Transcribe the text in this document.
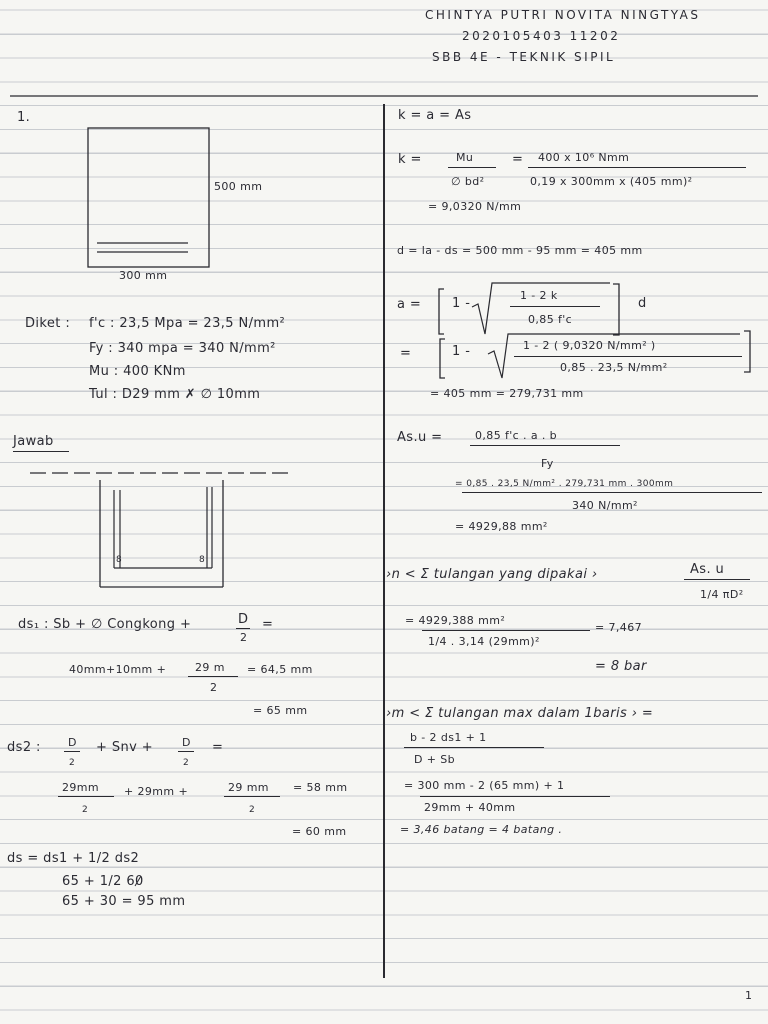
CHINTYA PUTRI NOVITA NINGTYAS
2020105403 11202
SBB 4E - TEKNIK SIPIL
1.
500 mm
300 mm
Diket : f'c : 23,5 Mpa = 23,5 N/mm²
Fy : 340 mpa = 340 N/mm²
Mu : 400 KNm
Tul : D29 mm ✗ ∅ 10mm
Jawab
8	8
ds₁ : Sb + ∅ Congkong +	D
2
=
40mm+10mm +	29 m
2
= 64,5 mm
= 65 mm
ds2 : D
2
+ Snv +	D
2
=
29mm
2
+ 29mm +	29 mm
2
= 58 mm
= 60 mm
ds = ds1 + 1/2 ds2
65 + 1/2 60
65 + 30 = 95 mm
k = a = As
k =	Mu
∅ bd²
= 400 x 10⁶ Nmm
0,19 x 300mm x (405 mm)²
= 9,0320 N/mm
d = la - ds = 500 mm - 95 mm = 405 mm
a = 1 -
1 - 2 k
0,85 f'c
d
=	1 -	1 - 2 ( 9,0320 N/mm² )
0,85 . 23,5 N/mm²
= 405 mm = 279,731 mm
As.u =	0,85 f'c . a . b
Fy
= 0,85 . 23,5 N/mm² . 279,731 mm . 300mm
340 N/mm²
= 4929,88 mm²
›n < Σ tulangan yang dipakai ›	As. u
1/4 πD²
= 4929,388 mm²
1/4 . 3,14 (29mm)²
= 7,467
= 8 bar
›m < Σ tulangan max dalam 1baris › =
b - 2 ds1 + 1
D + Sb
= 300 mm - 2 (65 mm) + 1
29mm + 40mm
= 3,46 batang = 4 batang .
1
